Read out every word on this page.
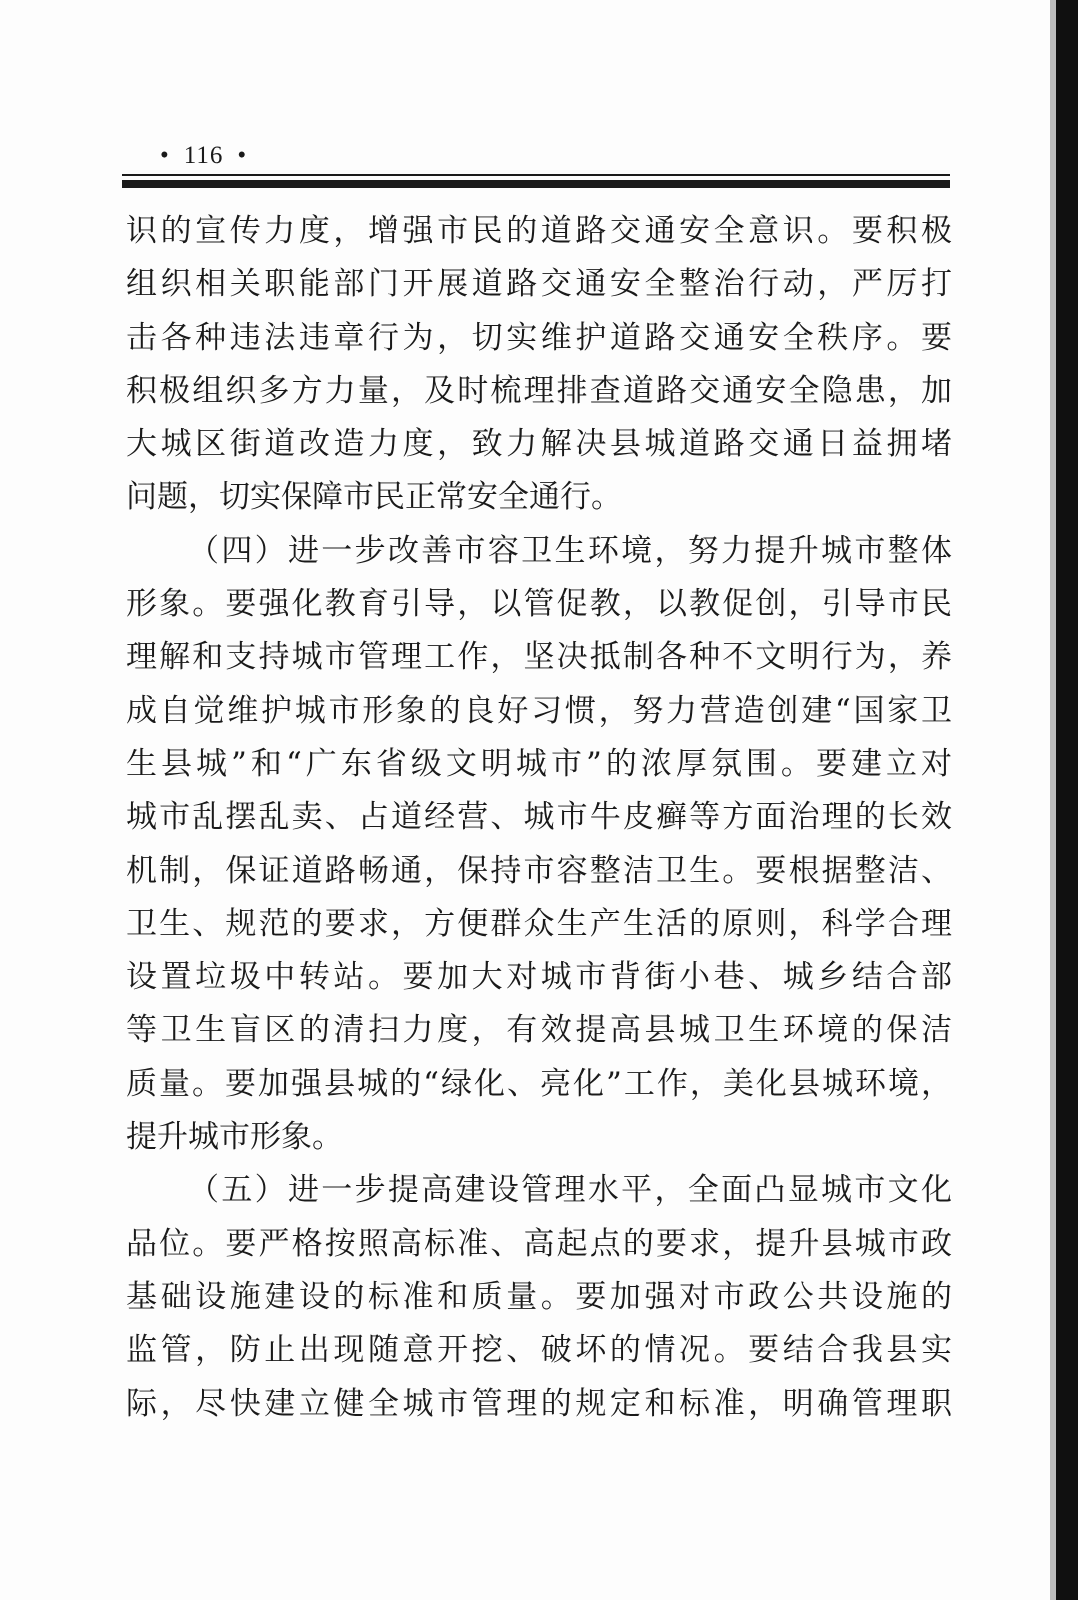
• 116 •
识的宣传力度，增强市民的道路交通安全意识。要积极
组织相关职能部门开展道路交通安全整治行动，严厉打
击各种违法违章行为，切实维护道路交通安全秩序。要
积极组织多方力量，及时梳理排查道路交通安全隐患，加
大城区街道改造力度，致力解决县城道路交通日益拥堵
问题，切实保障市民正常安全通行。
（四）进一步改善市容卫生环境，努力提升城市整体
形象。要强化教育引导，以管促教，以教促创，引导市民
理解和支持城市管理工作，坚决抵制各种不文明行为，养
成自觉维护城市形象的良好习惯，努力营造创建“国家卫
生县城”和“广东省级文明城市”的浓厚氛围。要建立对
城市乱摆乱卖、占道经营、城市牛皮癣等方面治理的长效
机制，保证道路畅通，保持市容整洁卫生。要根据整洁、
卫生、规范的要求，方便群众生产生活的原则，科学合理
设置垃圾中转站。要加大对城市背街小巷、城乡结合部
等卫生盲区的清扫力度，有效提高县城卫生环境的保洁
质量。要加强县城的“绿化、亮化”工作，美化县城环境，
提升城市形象。
（五）进一步提高建设管理水平，全面凸显城市文化
品位。要严格按照高标准、高起点的要求，提升县城市政
基础设施建设的标准和质量。要加强对市政公共设施的
监管，防止出现随意开挖、破坏的情况。要结合我县实
际，尽快建立健全城市管理的规定和标准，明确管理职
